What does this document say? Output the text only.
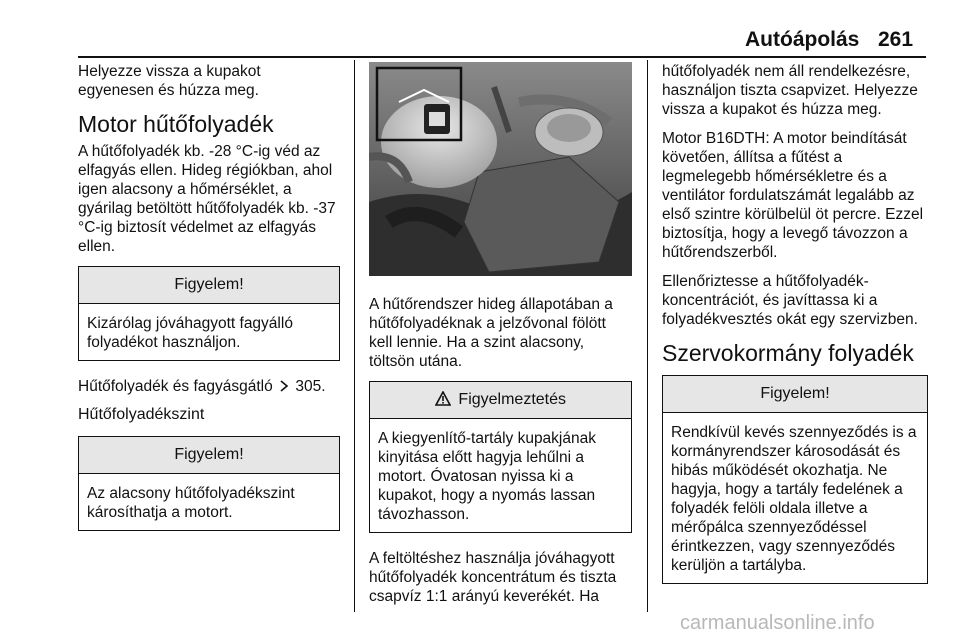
Autóápolás 261

Helyezze vissza a kupakot egyenesen és húzza meg.

Motor hűtőfolyadék

A hűtőfolyadék kb. -28 °C-ig véd az elfagyás ellen. Hideg régiókban, ahol igen alacsony a hőmérséklet, a gyárilag betöltött hűtőfolyadék kb. -37 °C-ig biztosít védelmet az elfagyás ellen.

Figyelem!
Kizárólag jóváhagyott fagyálló folyadékot használjon.

Hűtőfolyadék és fagyásgátló 305.

Hűtőfolyadékszint
Figyelem!
Az alacsony hűtőfolyadékszint károsíthatja a motort.

A hűtőrendszer hideg állapotában a hűtőfolyadéknak a jelzővonal fölött kell lennie. Ha a szint alacsony, töltsön utána.

Figyelmeztetés
A kiegyenlítő-tartály kupakjának kinyitása előtt hagyja lehűlni a motort. Óvatosan nyissa ki a kupakot, hogy a nyomás lassan távozhasson.

A feltöltéshez használja jóváhagyott hűtőfolyadék koncentrátum és tiszta csapvíz 1:1 arányú keverékét. Ha

hűtőfolyadék nem áll rendelkezésre, használjon tiszta csapvizet. Helyezze vissza a kupakot és húzza meg.

Motor B16DTH: A motor beindítását követően, állítsa a fűtést a legmelegebb hőmérsékletre és a ventilátor fordulatszámát legalább az első szintre körülbelül öt percre. Ezzel biztosítja, hogy a levegő távozzon a hűtőrendszerből.

Ellenőriztesse a hűtőfolyadék-koncentrációt, és javíttassa ki a folyadékvesztés okát egy szervizben.

Szervokormány folyadék
Figyelem!
Rendkívül kevés szennyeződés is a kormányrendszer károsodását és hibás működését okozhatja. Ne hagyja, hogy a tartály fedelének a folyadék felöli oldala illetve a mérőpálca szennyeződéssel érintkezzen, vagy szennyeződés kerüljön a tartályba.
carmanualsonline.info
